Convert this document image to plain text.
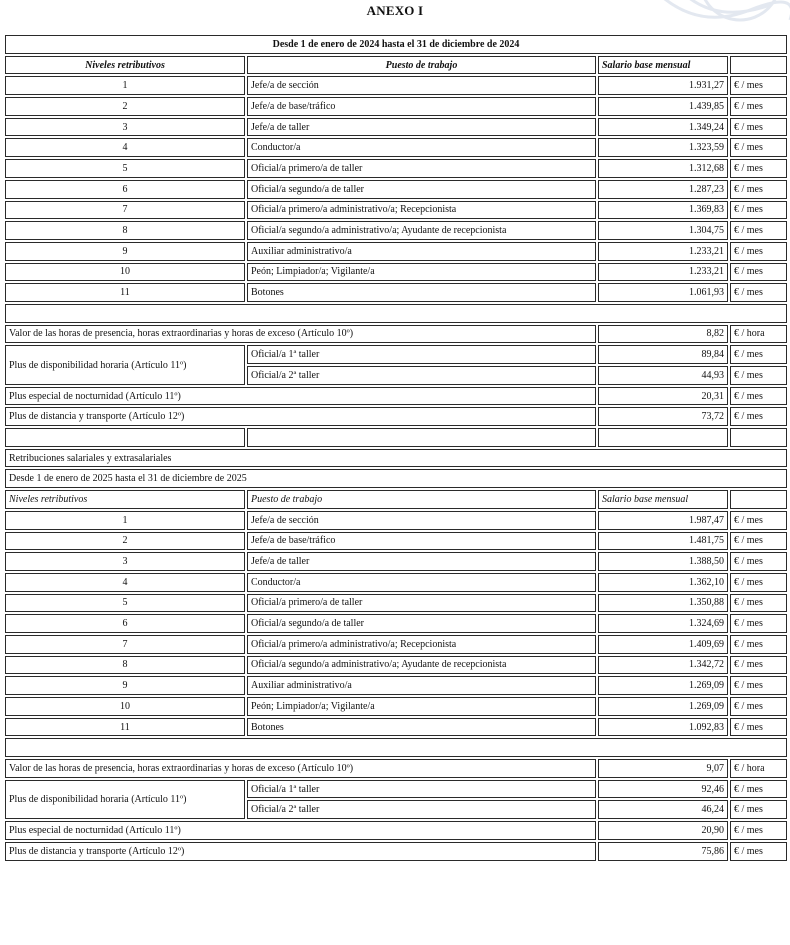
ANEXO I
Desde 1 de enero de 2024 hasta el 31 de diciembre de 2024			
Niveles retributivos	Puesto de trabajo	Salario base mensual	
1	Jefe/a de sección	1.931,27	€ / mes
2	Jefe/a de base/tráfico	1.439,85	€ / mes
3	Jefe/a de taller	1.349,24	€ / mes
4	Conductor/a	1.323,59	€ / mes
5	Oficial/a primero/a de taller	1.312,68	€ / mes
6	Oficial/a segundo/a de taller	1.287,23	€ / mes
7	Oficial/a primero/a administrativo/a; Recepcionista	1.369,83	€ / mes
8	Oficial/a segundo/a administrativo/a; Ayudante de recepcionista	1.304,75	€ / mes
9	Auxiliar administrativo/a	1.233,21	€ / mes
10	Peón; Limpiador/a; Vigilante/a	1.233,21	€ / mes
11	Botones	1.061,93	€ / mes

Valor de las horas de presencia, horas extraordinarias y horas de exceso (Artículo 10º)		8,82	€ / hora
Plus de disponibilidad horaria (Artículo 11º)	Oficial/a 1ª taller	89,84	€ / mes
	Oficial/a 2ª taller	44,93	€ / mes
Plus especial de nocturnidad (Artículo 11º)		20,31	€ / mes
Plus de distancia y transporte (Artículo 12º)		73,72	€ / mes

Retribuciones salariales y extrasalariales			
Desde 1 de enero de 2025 hasta el 31 de diciembre de 2025			
Niveles retributivos	Puesto de trabajo	Salario base mensual	
1	Jefe/a de sección	1.987,47	€ / mes
2	Jefe/a de base/tráfico	1.481,75	€ / mes
3	Jefe/a de taller	1.388,50	€ / mes
4	Conductor/a	1.362,10	€ / mes
5	Oficial/a primero/a de taller	1.350,88	€ / mes
6	Oficial/a segundo/a de taller	1.324,69	€ / mes
7	Oficial/a primero/a administrativo/a; Recepcionista	1.409,69	€ / mes
8	Oficial/a segundo/a administrativo/a; Ayudante de recepcionista	1.342,72	€ / mes
9	Auxiliar administrativo/a	1.269,09	€ / mes
10	Peón; Limpiador/a; Vigilante/a	1.269,09	€ / mes
11	Botones	1.092,83	€ / mes

Valor de las horas de presencia, horas extraordinarias y horas de exceso (Artículo 10º)		9,07	€ / hora
Plus de disponibilidad horaria (Artículo 11º)	Oficial/a 1ª taller	92,46	€ / mes
	Oficial/a 2ª taller	46,24	€ / mes
Plus especial de nocturnidad (Artículo 11º)		20,90	€ / mes
Plus de distancia y transporte (Artículo 12º)		75,86	€ / mes
